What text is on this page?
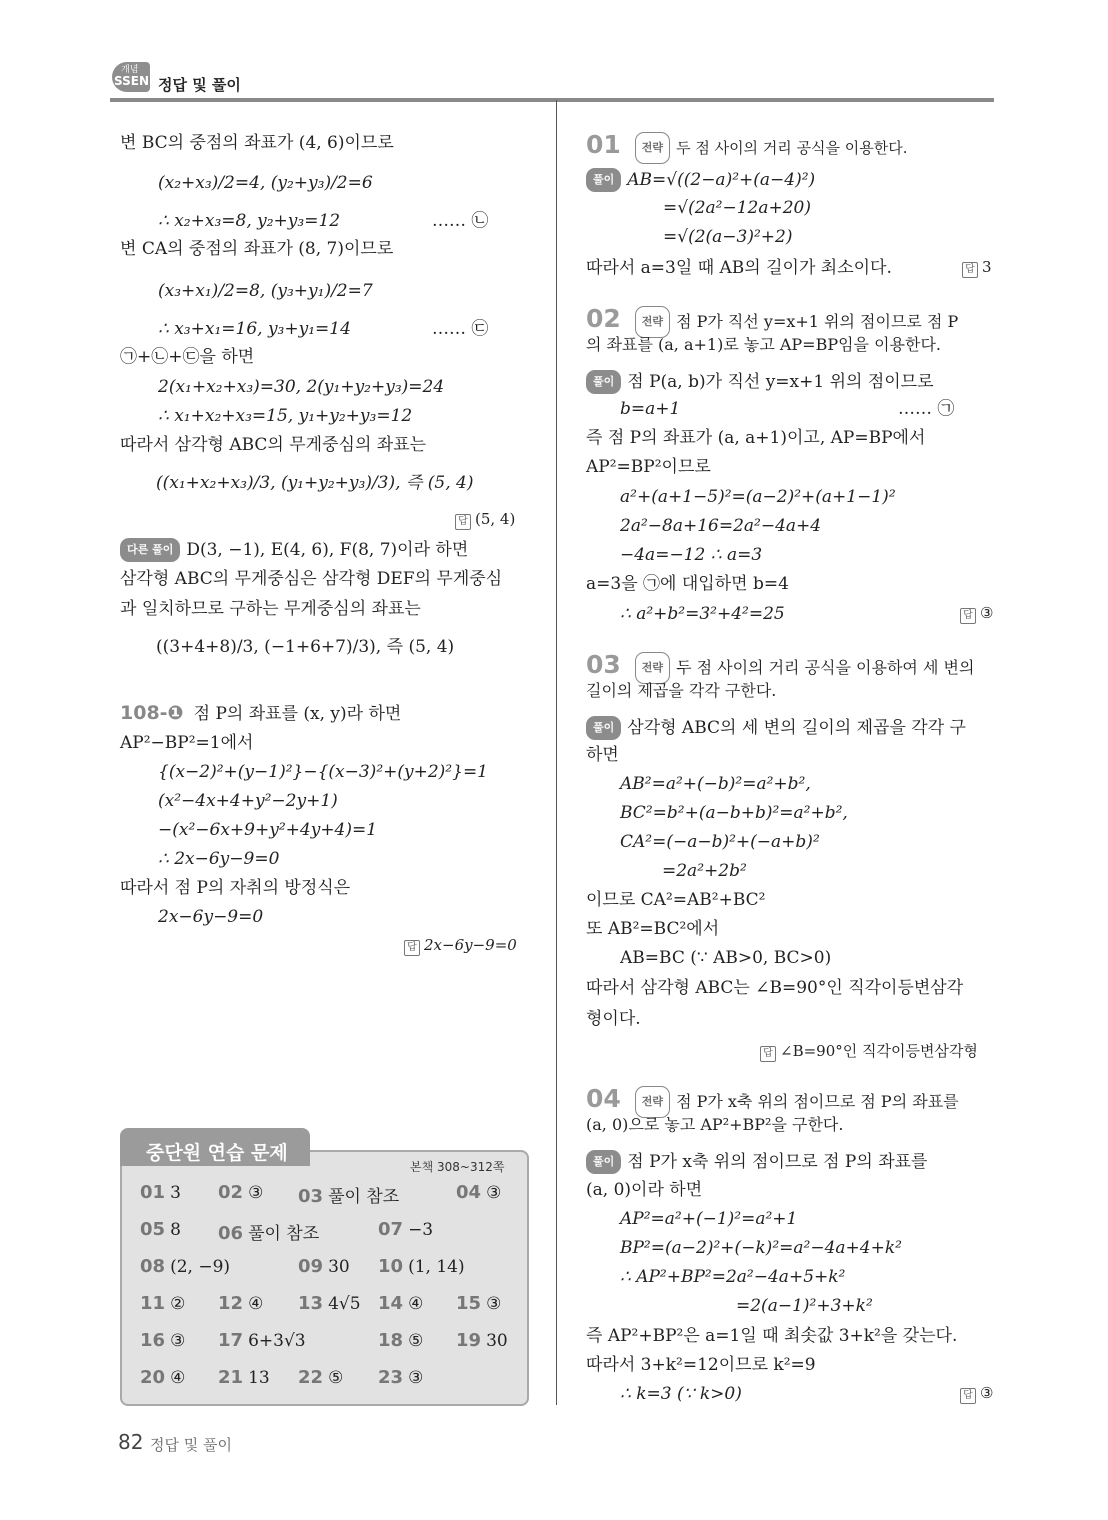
개념
SSEN 정답 및 풀이
변 BC의 중점의 좌표가 (4, 6)이므로
(x₂+x₃)/2=4, (y₂+y₃)/2=6
∴ x₂+x₃=8, y₂+y₃=12	…… ㉡
변 CA의 중점의 좌표가 (8, 7)이므로
(x₃+x₁)/2=8, (y₃+y₁)/2=7
∴ x₃+x₁=16, y₃+y₁=14	…… ㉢
㉠+㉡+㉢을 하면
2(x₁+x₂+x₃)=30, 2(y₁+y₂+y₃)=24
∴ x₁+x₂+x₃=15, y₁+y₂+y₃=12
따라서 삼각형 ABC의 무게중심의 좌표는
((x₁+x₂+x₃)/3, (y₁+y₂+y₃)/3), 즉 (5, 4)
답 (5, 4)
다른 풀이 D(3, −1), E(4, 6), F(8, 7)이라 하면
삼각형 ABC의 무게중심은 삼각형 DEF의 무게중심
과 일치하므로 구하는 무게중심의 좌표는
((3+4+8)/3, (−1+6+7)/3), 즉 (5, 4)
108-❶ 점 P의 좌표를 (x, y)라 하면
AP²−BP²=1에서
{(x−2)²+(y−1)²}−{(x−3)²+(y+2)²}=1
(x²−4x+4+y²−2y+1)
−(x²−6x+9+y²+4y+4)=1
∴ 2x−6y−9=0
따라서 점 P의 자취의 방정식은
2x−6y−9=0
답 2x−6y−9=0
중단원 연습 문제
본책 308~312쪽
01 3 02 ③ 03 풀이 참조	04 ③
05 8 06 풀이 참조	07 −3
08 (2, −9)	09 30 10 (1, 14)
11 ② 12 ④ 13 4√5 14 ④ 15 ③
16 ③ 17 6+3√3	18 ⑤ 19 30
20 ④ 21 13 22 ⑤ 23 ③
01 전략 두 점 사이의 거리 공식을 이용한다.
풀이 AB=√((2−a)²+(a−4)²)
=√(2a²−12a+20)
=√(2(a−3)²+2)
따라서 a=3일 때 AB의 길이가 최소이다.	답 3
02 전략 점 P가 직선 y=x+1 위의 점이므로 점 P
의 좌표를 (a, a+1)로 놓고 AP=BP임을 이용한다.
풀이 점 P(a, b)가 직선 y=x+1 위의 점이므로
b=a+1	…… ㉠
즉 점 P의 좌표가 (a, a+1)이고, AP=BP에서
AP²=BP²이므로
a²+(a+1−5)²=(a−2)²+(a+1−1)²
2a²−8a+16=2a²−4a+4
−4a=−12 ∴ a=3
a=3을 ㉠에 대입하면 b=4
∴ a²+b²=3²+4²=25	답 ③
03 전략 두 점 사이의 거리 공식을 이용하여 세 변의
길이의 제곱을 각각 구한다.
풀이 삼각형 ABC의 세 변의 길이의 제곱을 각각 구
하면
AB²=a²+(−b)²=a²+b²,
BC²=b²+(a−b+b)²=a²+b²,
CA²=(−a−b)²+(−a+b)²
=2a²+2b²
이므로 CA²=AB²+BC²
또 AB²=BC²에서
AB=BC (∵ AB>0, BC>0)
따라서 삼각형 ABC는 ∠B=90°인 직각이등변삼각
형이다.
답 ∠B=90°인 직각이등변삼각형
04 전략 점 P가 x축 위의 점이므로 점 P의 좌표를
(a, 0)으로 놓고 AP²+BP²을 구한다.
풀이 점 P가 x축 위의 점이므로 점 P의 좌표를
(a, 0)이라 하면
AP²=a²+(−1)²=a²+1
BP²=(a−2)²+(−k)²=a²−4a+4+k²
∴ AP²+BP²=2a²−4a+5+k²
=2(a−1)²+3+k²
즉 AP²+BP²은 a=1일 때 최솟값 3+k²을 갖는다.
따라서 3+k²=12이므로 k²=9
∴ k=3 (∵ k>0)	답 ③
82 정답 및 풀이
